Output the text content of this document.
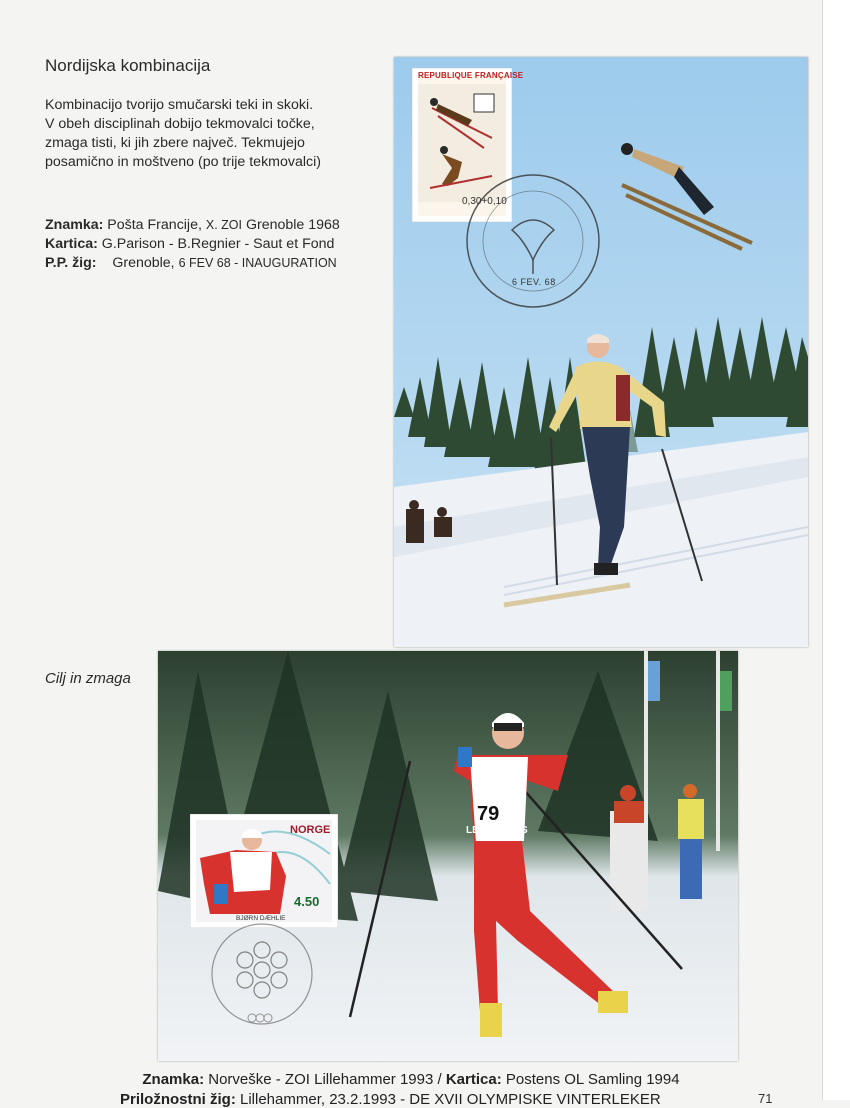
Nordijska kombinacija
Kombinacijo tvorijo smučarski teki in skoki.
V obeh disciplinah dobijo tekmovalci točke,
zmaga tisti, ki jih zbere največ. Tekmujejo
posamično in moštveno (po trije tekmovalci)
Znamka: Pošta Francije, X. ZOI Grenoble 1968
Kartica: G.Parison - B.Regnier - Saut et Fond
P.P. žig: Grenoble, 6 FEV 68 - INAUGURATION
REPUBLIQUE FRANÇAISE
0,30+0,10
6 FEV. 68
Cilj in zmaga
79
LES SAISIES
NORGE
4.50
BJØRN DÆHLIE
Znamka: Norveške - ZOI Lillehammer 1993 / Kartica: Postens OL Samling 1994
Priložnostni žig: Lillehammer, 23.2.1993 - DE XVII OLYMPISKE VINTERLEKER	71
